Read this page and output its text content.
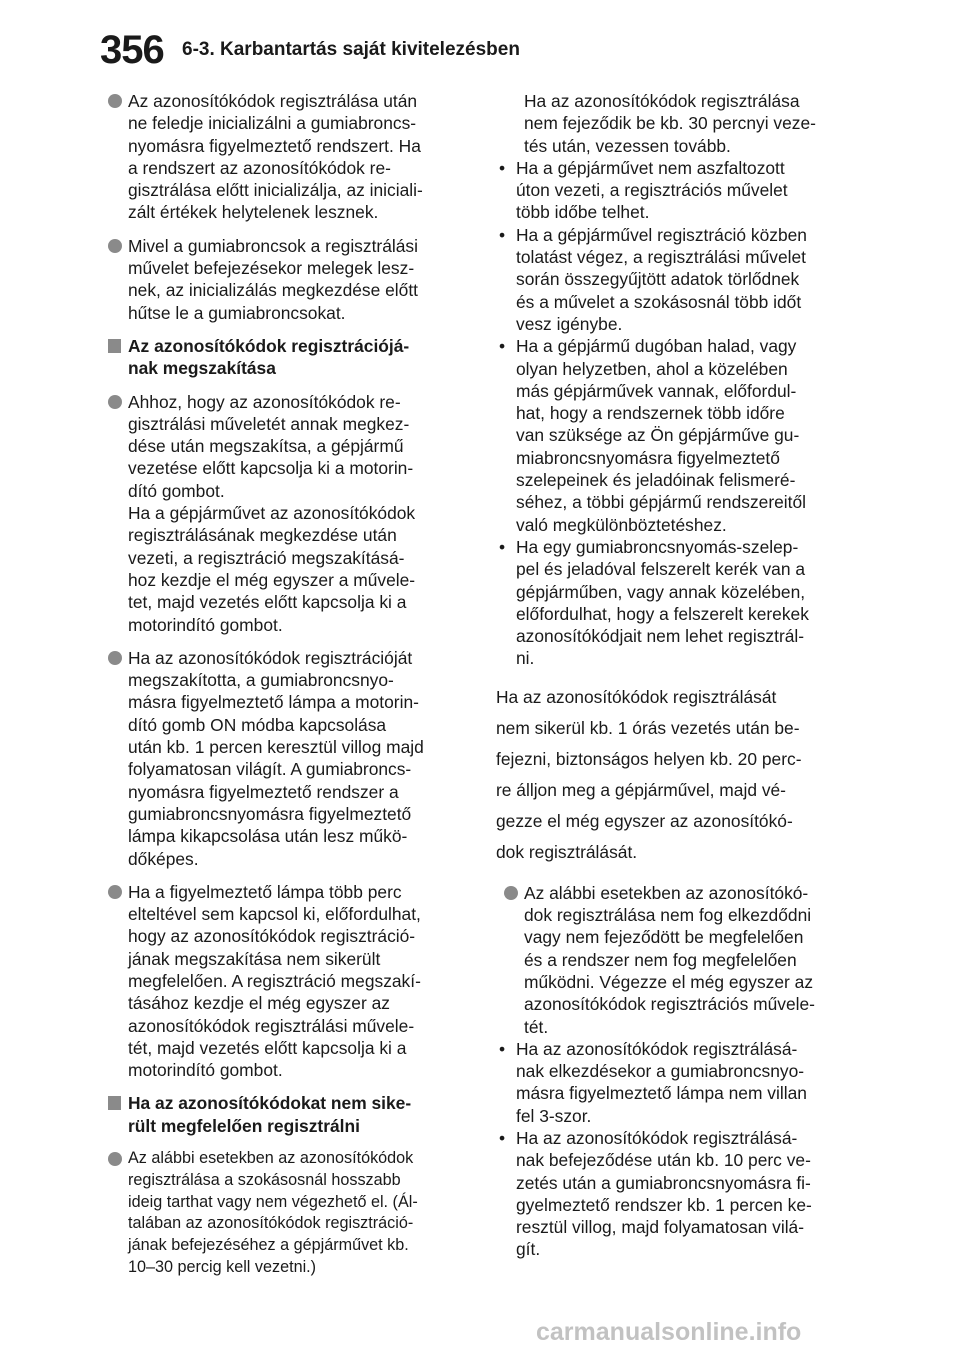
356 6-3. Karbantartás saját kivitelezésben
Az azonosítókódok regisztrálása után
ne feledje inicializálni a gumiabroncs-
nyomásra figyelmeztető rendszert. Ha
a rendszert az azonosítókódok re-
gisztrálása előtt inicializálja, az iniciali-
zált értékek helytelenek lesznek.
Mivel a gumiabroncsok a regisztrálási
művelet befejezésekor melegek lesz-
nek, az inicializálás megkezdése előtt
hűtse le a gumiabroncsokat.
Az azonosítókódok regisztrációjá-
nak megszakítása
Ahhoz, hogy az azonosítókódok re-
gisztrálási műveletét annak megkez-
dése után megszakítsa, a gépjármű
vezetése előtt kapcsolja ki a motorin-
dító gombot.
Ha a gépjárművet az azonosítókódok
regisztrálásának megkezdése után
vezeti, a regisztráció megszakításá-
hoz kezdje el még egyszer a művele-
tet, majd vezetés előtt kapcsolja ki a
motorindító gombot.
Ha az azonosítókódok regisztrációját
megszakította, a gumiabroncsnyo-
másra figyelmeztető lámpa a motorin-
dító gomb ON módba kapcsolása
után kb. 1 percen keresztül villog majd
folyamatosan világít. A gumiabroncs-
nyomásra figyelmeztető rendszer a
gumiabroncsnyomásra figyelmeztető
lámpa kikapcsolása után lesz műkö-
dőképes.
Ha a figyelmeztető lámpa több perc
elteltével sem kapcsol ki, előfordulhat,
hogy az azonosítókódok regisztráció-
jának megszakítása nem sikerült
megfelelően. A regisztráció megszakí-
tásához kezdje el még egyszer az
azonosítókódok regisztrálási művele-
tét, majd vezetés előtt kapcsolja ki a
motorindító gombot.
Ha az azonosítókódokat nem sike-
rült megfelelően regisztrálni
Az alábbi esetekben az azonosítókódok
regisztrálása a szokásosnál hosszabb
ideig tarthat vagy nem végezhető el. (Ál-
talában az azonosítókódok regisztráció-
jának befejezéséhez a gépjárművet kb.
10–30 percig kell vezetni.)
Ha az azonosítókódok regisztrálása
nem fejeződik be kb. 30 percnyi veze-
tés után, vezessen tovább.
• Ha a gépjárművet nem aszfaltozott
úton vezeti, a regisztrációs művelet
több időbe telhet.
• Ha a gépjárművel regisztráció közben
tolatást végez, a regisztrálási művelet
során összegyűjtött adatok törlődnek
és a művelet a szokásosnál több időt
vesz igénybe.
• Ha a gépjármű dugóban halad, vagy
olyan helyzetben, ahol a közelében
más gépjárművek vannak, előfordul-
hat, hogy a rendszernek több időre
van szüksége az Ön gépjárműve gu-
miabroncsnyomásra figyelmeztető
szelepeinek és jeladóinak felismeré-
séhez, a többi gépjármű rendszereitől
való megkülönböztetéshez.
• Ha egy gumiabroncsnyomás-szelep-
pel és jeladóval felszerelt kerék van a
gépjárműben, vagy annak közelében,
előfordulhat, hogy a felszerelt kerekek
azonosítókódjait nem lehet regisztrál-
ni.
Ha az azonosítókódok regisztrálását
nem sikerül kb. 1 órás vezetés után be-
fejezni, biztonságos helyen kb. 20 perc-
re álljon meg a gépjárművel, majd vé-
gezze el még egyszer az azonosítókó-
dok regisztrálását.
Az alábbi esetekben az azonosítókó-
dok regisztrálása nem fog elkezdődni
vagy nem fejeződött be megfelelően
és a rendszer nem fog megfelelően
működni. Végezze el még egyszer az
azonosítókódok regisztrációs művele-
tét.
• Ha az azonosítókódok regisztrálásá-
nak elkezdésekor a gumiabroncsnyo-
másra figyelmeztető lámpa nem villan
fel 3-szor.
• Ha az azonosítókódok regisztrálásá-
nak befejeződése után kb. 10 perc ve-
zetés után a gumiabroncsnyomásra fi-
gyelmeztető rendszer kb. 1 percen ke-
resztül villog, majd folyamatosan vilá-
gít.
carmanualsonline.info
